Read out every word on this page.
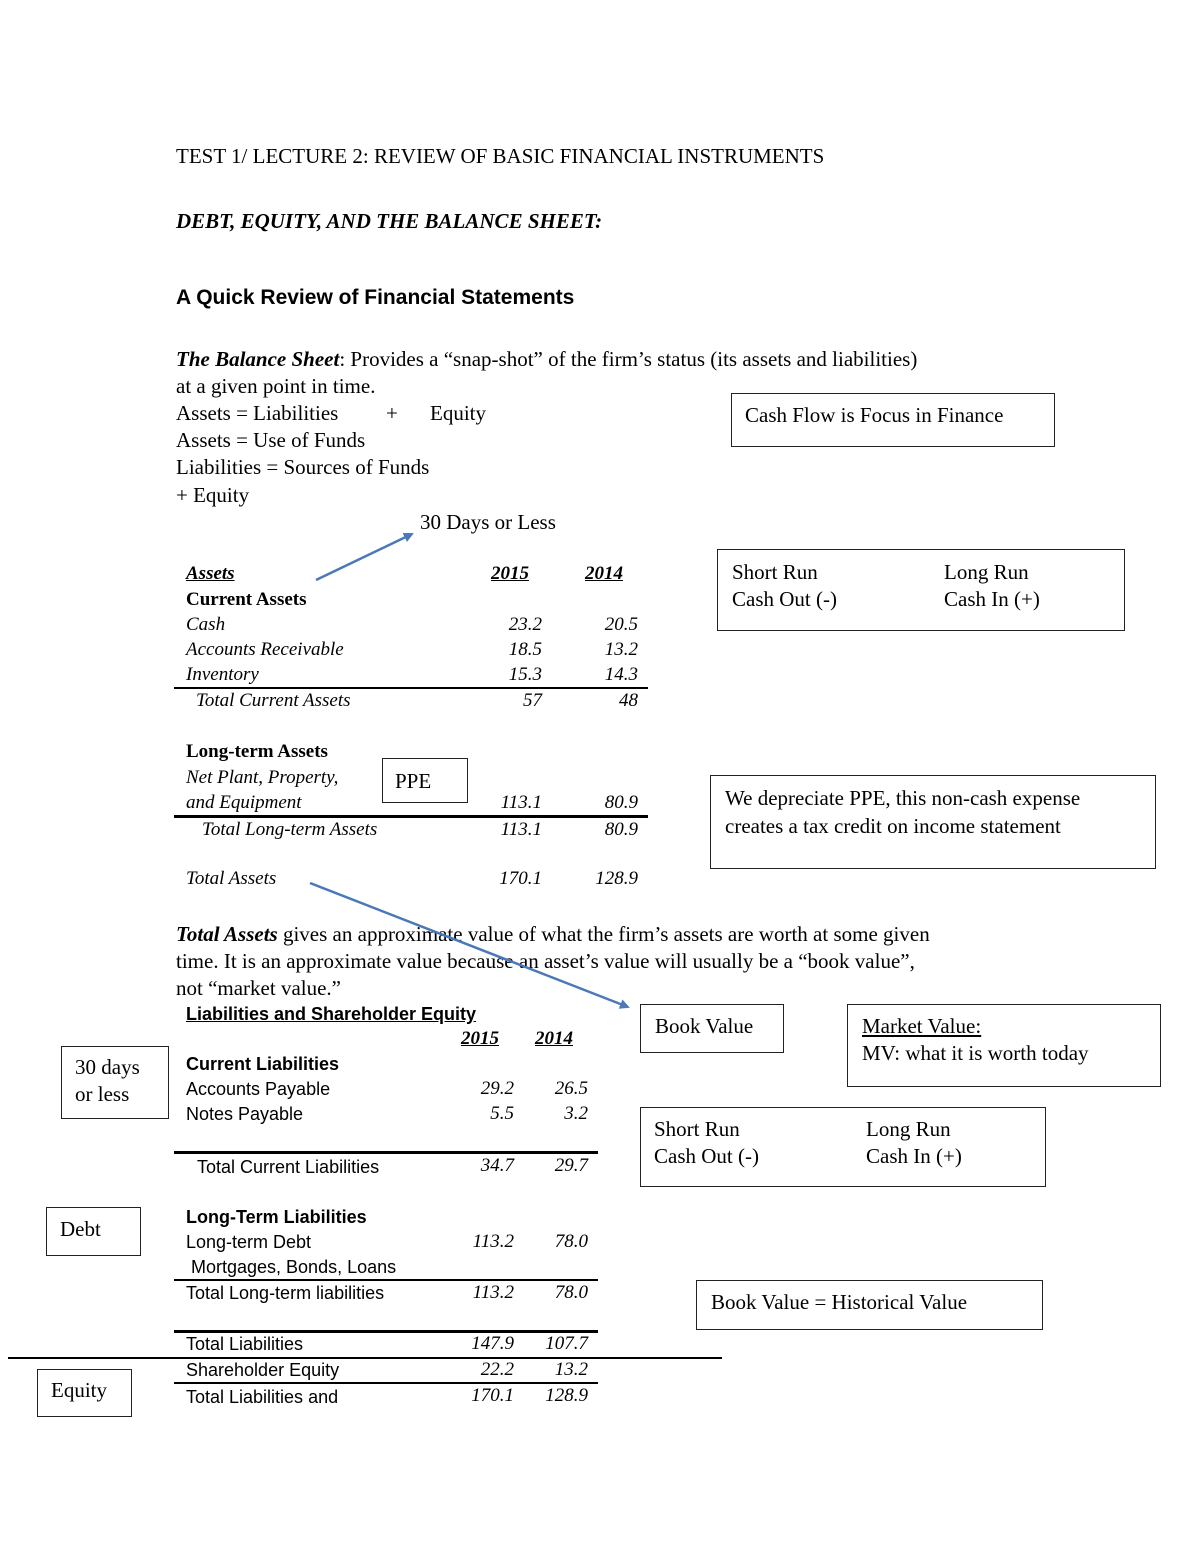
TEST 1/ LECTURE 2: REVIEW OF BASIC FINANCIAL INSTRUMENTS
DEBT, EQUITY, AND THE BALANCE SHEET:
A Quick Review of Financial Statements
The Balance Sheet: Provides a “snap-shot” of the firm’s status (its assets and liabilities)
at a given point in time.
Assets = Liabilities + Equity
Assets = Use of Funds
Liabilities = Sources of Funds
+ Equity
30 Days or Less
Cash Flow is Focus in Finance
Short Run
Cash Out (-)
Long Run
Cash In (+)
Assets	2015	2014
Current Assets
Cash	23.2	20.5
Accounts Receivable	18.5	13.2
Inventory	15.3	14.3
Total Current Assets	57	48
Long-term Assets
Net Plant, Property,
and Equipment	113.1	80.9
PPE
Total Long-term Assets	113.1	80.9
Total Assets	170.1	128.9
We depreciate PPE, this non-cash expense
creates a tax credit on income statement
Total Assets gives an approximate value of what the firm’s assets are worth at some given
time. It is an approximate value because an asset’s value will usually be a “book value”,
not “market value.”
Book Value	Market Value:
MV: what it is worth today
Liabilities and Shareholder Equity
2015 2014
Current Liabilities
Accounts Payable	29.2	26.5
Notes Payable	5.5	3.2
Total Current Liabilities	34.7	29.7
Long-Term Liabilities
Long-term Debt	113.2	78.0
Mortgages, Bonds, Loans
Total Long-term liabilities	113.2	78.0
Total Liabilities	147.9	107.7
Shareholder Equity	22.2	13.2
Total Liabilities and	170.1	128.9
30 days
or less
Debt
Equity
Short Run
Cash Out (-)
Long Run
Cash In (+)
Book Value = Historical Value
